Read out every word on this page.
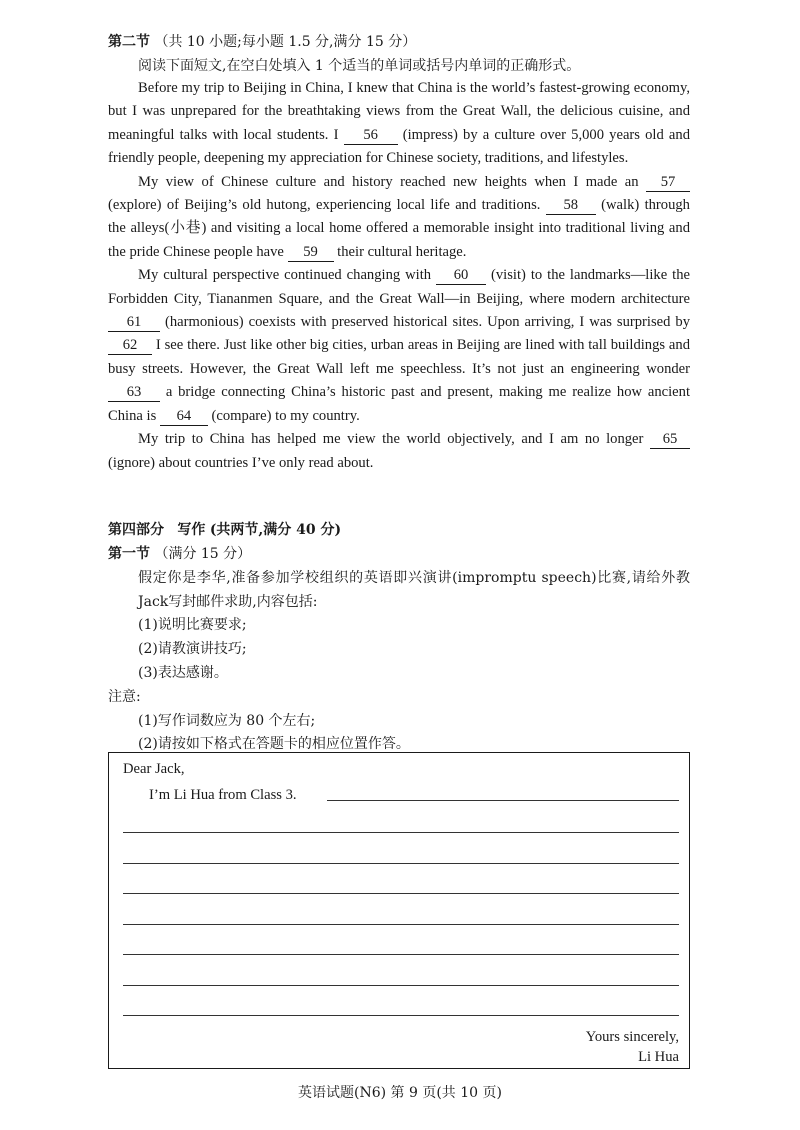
第二节 （共 10 小题;每小题 1.5 分,满分 15 分）
阅读下面短文,在空白处填入 1 个适当的单词或括号内单词的正确形式。

Before my trip to Beijing in China, I knew that China is the world’s fastest-growing economy, but I was unprepared for the breathtaking views from the Great Wall, the delicious cuisine, and meaningful talks with local students. I 56 (impress) by a culture over 5,000 years old and friendly people, deepening my appreciation for Chinese society, traditions, and lifestyles.

My view of Chinese culture and history reached new heights when I made an 57 (explore) of Beijing’s old hutong, experiencing local life and traditions. 58 (walk) through the alleys(小巷) and visiting a local home offered a memorable insight into traditional living and the pride Chinese people have 59 their cultural heritage.

My cultural perspective continued changing with 60 (visit) to the landmarks—like the Forbidden City, Tiananmen Square, and the Great Wall—in Beijing, where modern architecture 61 (harmonious) coexists with preserved historical sites. Upon arriving, I was surprised by 62 I see there. Just like other big cities, urban areas in Beijing are lined with tall buildings and busy streets. However, the Great Wall left me speechless. It’s not just an engineering wonder 63 a bridge connecting China’s historic past and present, making me realize how ancient China is 64 (compare) to my country.

My trip to China has helped me view the world objectively, and I am no longer 65 (ignore) about countries I’ve only read about.

第四部分 写作 (共两节,满分 40 分)
第一节 （满分 15 分）
假定你是李华,准备参加学校组织的英语即兴演讲(impromptu speech)比赛,请给外教Jack写封邮件求助,内容包括:
(1)说明比赛要求;
(2)请教演讲技巧;
(3)表达感谢。
注意:
(1)写作词数应为 80 个左右;
(2)请按如下格式在答题卡的相应位置作答。
Dear Jack,
I’m Li Hua from Class 3.
Yours sincerely,
Li Hua
英语试题(N6) 第 9 页(共 10 页)
